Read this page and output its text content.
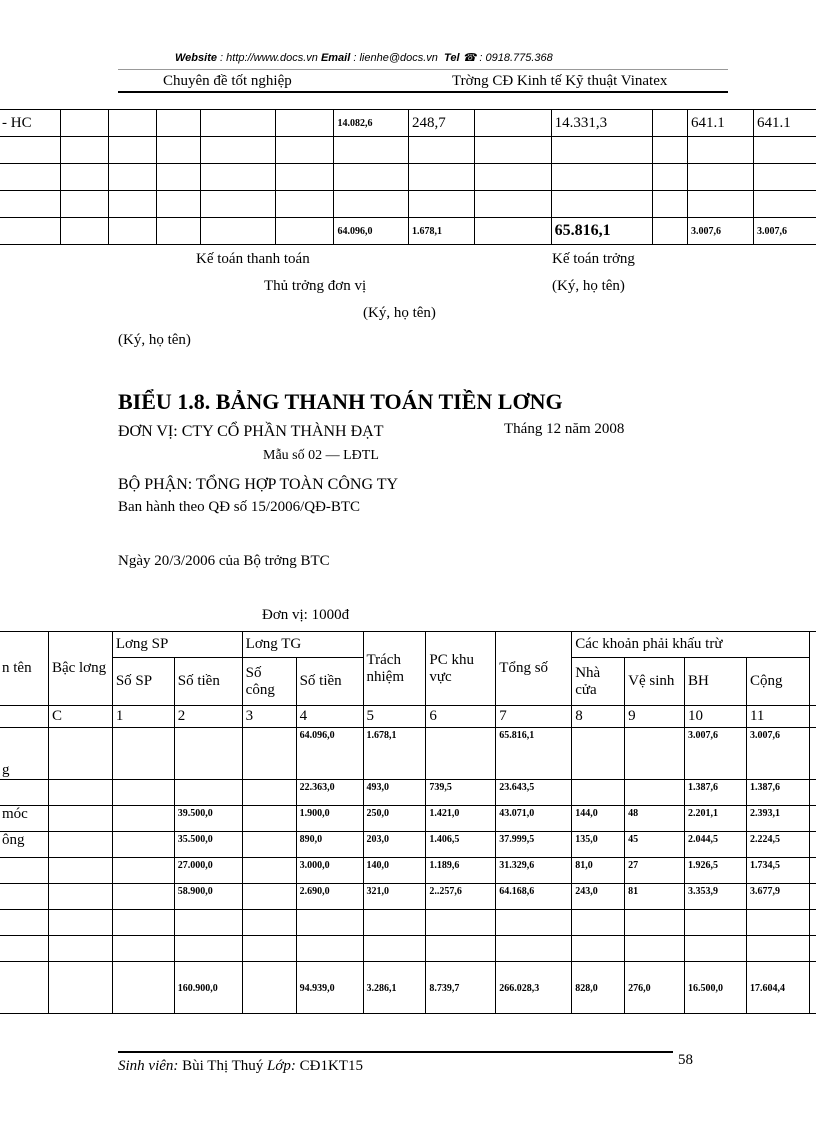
Website : http://www.docs.vn Email : lienhe@docs.vn Tel ☎ : 0918.775.368
Chuyên đề tốt nghiệp	Trờng CĐ Kinh tế Kỹ thuật Vinatex
- HC						14.082,6	248,7		14.331,3		641.1	641.1

						64.096,0	1.678,1		65.816,1		3.007,6	3.007,6
Kế toán thanh toán	Kế toán trởng
Thủ trởng đơn vị	(Ký, họ tên)
(Ký, họ tên)
(Ký, họ tên)
BIỂU 1.8. BẢNG THANH TOÁN TIỀN LƠNG
ĐƠN VỊ: CTY CỔ PHẦN THÀNH ĐẠT	Tháng 12 năm 2008
Mẫu số 02 — LĐTL
BỘ PHẬN: TỔNG HỢP TOÀN CÔNG TY
Ban hành theo QĐ số 15/2006/QĐ-BTC
Ngày 20/3/2006 của Bộ trởng BTC
Đơn vị: 1000đ
n tên	Bậc lơng	Lơng SP		Lơng TG		Trách nhiệm	PC khu vực	Tổng số	Các khoản phải khấu trừ				
		Số SP	Số tiền	Số công	Số tiền				Nhà cửa	Vệ sinh	BH	Cộng	
	C	1	2	3	4	5	6	7	8	9	10	11	
g					64.096,0	1.678,1		65.816,1			3.007,6	3.007,6	
					22.363,0	493,0	739,5	23.643,5			1.387,6	1.387,6	
móc			39.500,0		1.900,0	250,0	1.421,0	43.071,0	144,0	48	2.201,1	2.393,1	
ông			35.500,0		890,0	203,0	1.406,5	37.999,5	135,0	45	2.044,5	2.224,5	
			27.000,0		3.000,0	140,0	1.189,6	31.329,6	81,0	27	1.926,5	1.734,5	
			58.900,0		2.690,0	321,0	2..257,6	64.168,6	243,0	81	3.353,9	3.677,9	

			160.900,0		94.939,0	3.286,1	8.739,7	266.028,3	828,0	276,0	16.500,0	17.604,4	
Sinh viên: Bùi Thị Thuý Lớp: CĐ1KT15	58
